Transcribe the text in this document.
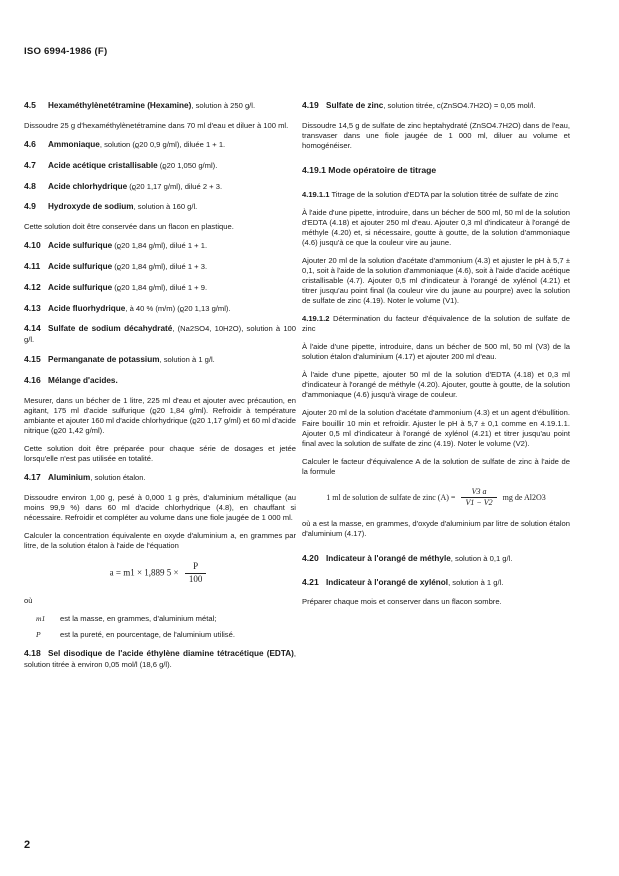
ISO 6994-1986 (F)
4.5 Hexaméthylènetétramine (Hexamine), solution à 250 g/l.

Dissoudre 25 g d'hexaméthylènetétramine dans 70 ml d'eau et diluer à 100 ml.

4.6 Ammoniaque, solution (ϱ20 0,9 g/ml), diluée 1 + 1.
4.7 Acide acétique cristallisable (ϱ20 1,050 g/ml).
4.8 Acide chlorhydrique (ϱ20 1,17 g/ml), dilué 2 + 3.
4.9 Hydroxyde de sodium, solution à 160 g/l.

Cette solution doit être conservée dans un flacon en plastique.

4.10 Acide sulfurique (ϱ20 1,84 g/ml), dilué 1 + 1.
4.11 Acide sulfurique (ϱ20 1,84 g/ml), dilué 1 + 3.
4.12 Acide sulfurique (ϱ20 1,84 g/ml), dilué 1 + 9.
4.13 Acide fluorhydrique, à 40 % (m/m) (ϱ20 1,13 g/ml).
4.14 Sulfate de sodium décahydraté, (Na2SO4, 10H2O), solution à 100 g/l.
4.15 Permanganate de potassium, solution à 1 g/l.
4.16 Mélange d'acides.

Mesurer, dans un bécher de 1 litre, 225 ml d'eau et ajouter avec précaution, en agitant, 175 ml d'acide sulfurique (ϱ20 1,84 g/ml). Refroidir à température ambiante et ajouter 160 ml d'acide chlorhydrique (ϱ20 1,17 g/ml) et 60 ml d'acide nitrique (ϱ20 1,42 g/ml).

Cette solution doit être préparée pour chaque série de dosages et jetée lorsqu'elle n'est pas utilisée en totalité.

4.17 Aluminium, solution étalon.

Dissoudre environ 1,00 g, pesé à 0,000 1 g près, d'aluminium métallique (au moins 99,9 %) dans 60 ml d'acide chlorhydrique (4.8), en chauffant si nécessaire. Refroidir et compléter au volume dans une fiole jaugée de 1 000 ml.

Calculer la concentration équivalente en oxyde d'aluminium a, en grammes par litre, de la solution étalon à l'aide de l'équation

a = m1 × 1,889 $5 \times \frac{P}{100}$

où

m1	est la masse, en grammes, d'aluminium métal;
P	est la pureté, en pourcentage, de l'aluminium utilisé.
4.18 Sel disodique de l'acide éthylène diamine tétracétique (EDTA), solution titrée à environ 0,05 mol/l (18,6 g/l).
4.19 Sulfate de zinc, solution titrée, c(ZnSO4.7H2O) = 0,05 mol/l.

Dissoudre 14,5 g de sulfate de zinc heptahydraté (ZnSO4.7H2O) dans de l'eau, transvaser dans une fiole jaugée de 1 000 ml, diluer au volume et homogénéiser.

4.19.1 Mode opératoire de titrage

4.19.1.1 Titrage de la solution d'EDTA par la solution titrée de sulfate de zinc

À l'aide d'une pipette, introduire, dans un bécher de 500 ml, 50 ml de la solution d'EDTA (4.18) et ajouter 250 ml d'eau. Ajouter 0,3 ml d'indicateur à l'orangé de méthyle (4.20) et, si nécessaire, goutte à goutte, de la solution d'ammoniaque (4.6) jusqu'à ce que la couleur vire au jaune.

Ajouter 20 ml de la solution d'acétate d'ammonium (4.3) et ajuster le pH à 5,7 ± 0,1, soit à l'aide de la solution d'ammoniaque (4.6), soit à l'aide d'acide acétique cristallisable (4.7). Ajouter 0,5 ml d'indicateur à l'orangé de xylénol (4.21) et titrer jusqu'au point final (la couleur vire du jaune au pourpre) avec la solution de sulfate de zinc (4.19). Noter le volume (V1).

4.19.1.2 Détermination du facteur d'équivalence de la solution de sulfate de zinc

À l'aide d'une pipette, introduire, dans un bécher de 500 ml, 50 ml (V3) de la solution étalon d'aluminium (4.17) et ajouter 200 ml d'eau.

À l'aide d'une pipette, ajouter 50 ml de la solution d'EDTA (4.18) et 0,3 ml d'indicateur à l'orangé de méthyle (4.20). Ajouter, goutte à goutte, de la solution d'ammoniaque (4.6) jusqu'à virage de couleur.

Ajouter 20 ml de la solution d'acétate d'ammonium (4.3) et un agent d'ébullition. Faire bouillir 10 min et refroidir. Ajuster le pH à 5,7 ± 0,1 comme en 4.19.1.1. Ajouter 0,5 ml d'indicateur à l'orangé de xylénol (4.21) et titrer jusqu'au point final avec la solution de sulfate de zinc (4.19). Noter le volume (V2).

Calculer le facteur d'équivalence A de la solution de sulfate de zinc à l'aide de la formule

1 ml de solution de sulfate de zinc $(A) = \frac{V3 a}{V1 - V2}$ mg de Al2O3

où a est la masse, en grammes, d'oxyde d'aluminium par litre de solution étalon d'aluminium (4.17).

4.20 Indicateur à l'orangé de méthyle, solution à 0,1 g/l.
4.21 Indicateur à l'orangé de xylénol, solution à 1 g/l.

Préparer chaque mois et conserver dans un flacon sombre.

2
